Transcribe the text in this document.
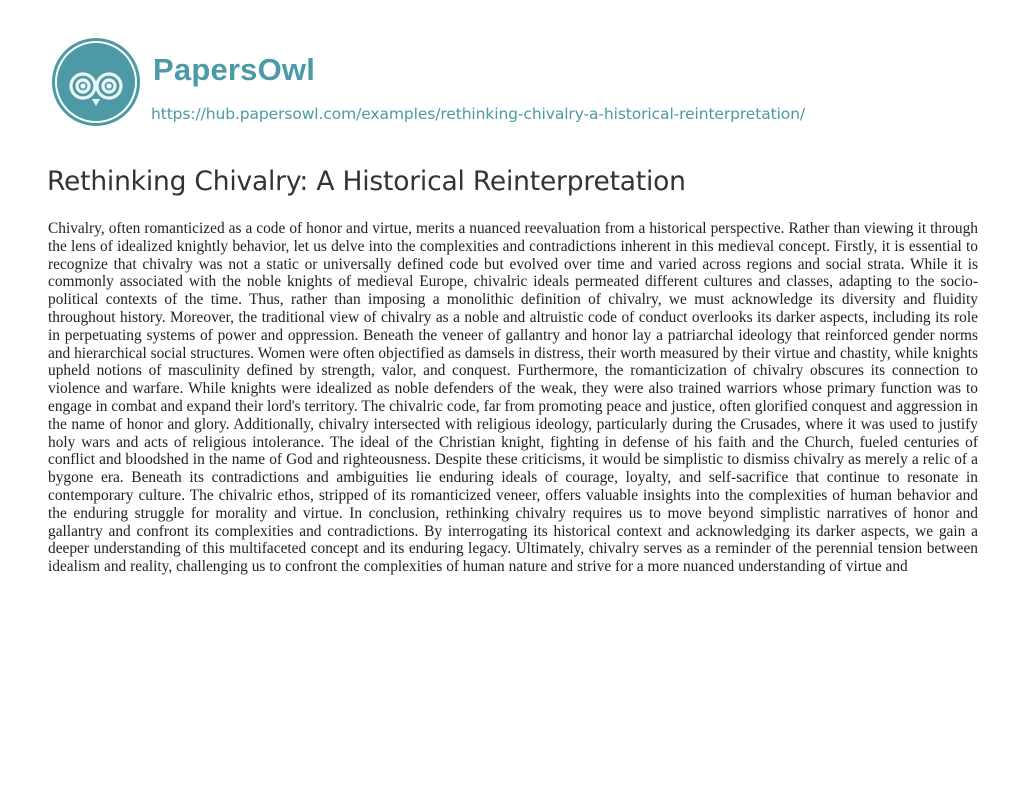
PapersOwl
https://hub.papersowl.com/examples/rethinking-chivalry-a-historical-reinterpretation/
Rethinking Chivalry: A Historical Reinterpretation

Chivalry, often romanticized as a code of honor and virtue, merits a nuanced reevaluation from a historical perspective. Rather than viewing it through the lens of idealized knightly behavior, let us delve into the complexities and contradictions inherent in this medieval concept. Firstly, it is essential to recognize that chivalry was not a static or universally defined code but evolved over time and varied across regions and social strata. While it is commonly associated with the noble knights of medieval Europe, chivalric ideals permeated different cultures and classes, adapting to the socio-political contexts of the time. Thus, rather than imposing a monolithic definition of chivalry, we must acknowledge its diversity and fluidity throughout history. Moreover, the traditional view of chivalry as a noble and altruistic code of conduct overlooks its darker aspects, including its role in perpetuating systems of power and oppression. Beneath the veneer of gallantry and honor lay a patriarchal ideology that reinforced gender norms and hierarchical social structures. Women were often objectified as damsels in distress, their worth measured by their virtue and chastity, while knights upheld notions of masculinity defined by strength, valor, and conquest. Furthermore, the romanticization of chivalry obscures its connection to violence and warfare. While knights were idealized as noble defenders of the weak, they were also trained warriors whose primary function was to engage in combat and expand their lord's territory. The chivalric code, far from promoting peace and justice, often glorified conquest and aggression in the name of honor and glory. Additionally, chivalry intersected with religious ideology, particularly during the Crusades, where it was used to justify holy wars and acts of religious intolerance. The ideal of the Christian knight, fighting in defense of his faith and the Church, fueled centuries of conflict and bloodshed in the name of God and righteousness. Despite these criticisms, it would be simplistic to dismiss chivalry as merely a relic of a bygone era. Beneath its contradictions and ambiguities lie enduring ideals of courage, loyalty, and self-sacrifice that continue to resonate in contemporary culture. The chivalric ethos, stripped of its romanticized veneer, offers valuable insights into the complexities of human behavior and the enduring struggle for morality and virtue. In conclusion, rethinking chivalry requires us to move beyond simplistic narratives of honor and gallantry and confront its complexities and contradictions. By interrogating its historical context and acknowledging its darker aspects, we gain a deeper understanding of this multifaceted concept and its enduring legacy. Ultimately, chivalry serves as a reminder of the perennial tension between idealism and reality, challenging us to confront the complexities of human nature and strive for a more nuanced understanding of virtue and
